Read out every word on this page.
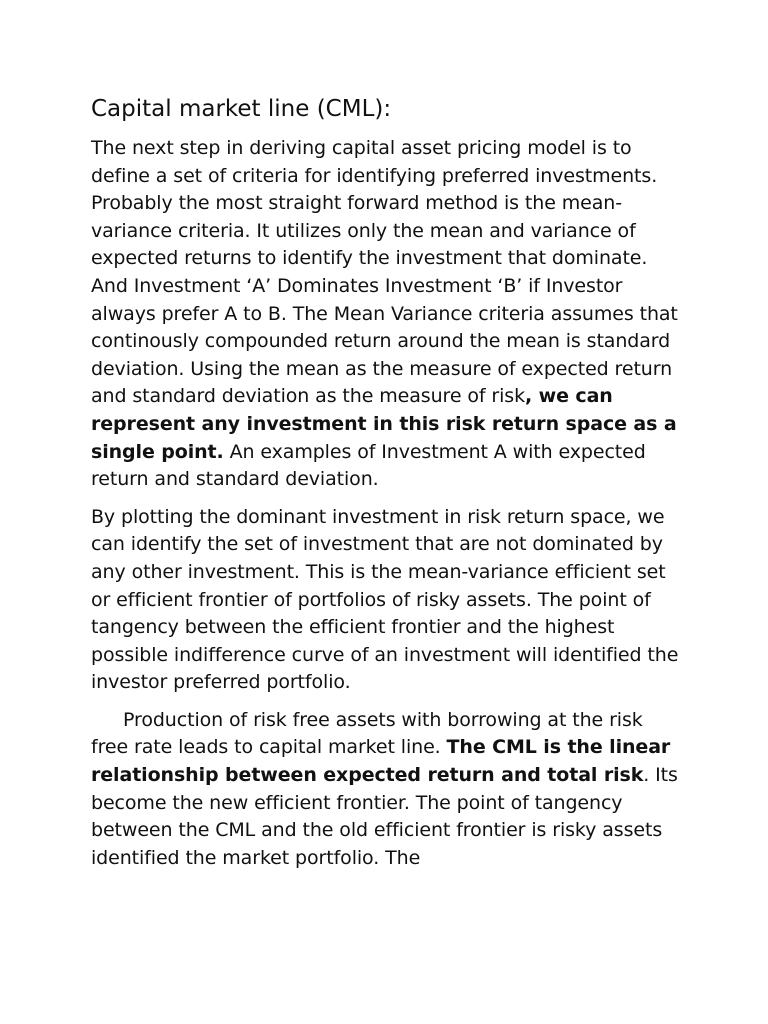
Capital market line (CML):

The next step in deriving capital asset pricing model is to define a set of criteria for identifying preferred investments. Probably the most straight forward method is the mean-variance criteria. It utilizes only the mean and variance of expected returns to identify the investment that dominate. And Investment ‘A’ Dominates Investment ‘B’ if Investor always prefer A to B. The Mean Variance criteria assumes that continously compounded return around the mean is standard deviation. Using the mean as the measure of expected return and standard deviation as the measure of risk, we can represent any investment in this risk return space as a single point. An examples of Investment A with expected return and standard deviation.

By plotting the dominant investment in risk return space, we can identify the set of investment that are not dominated by any other investment. This is the mean-variance efficient set or efficient frontier of portfolios of risky assets. The point of tangency between the efficient frontier and the highest possible indifference curve of an investment will identified the investor preferred portfolio.

Production of risk free assets with borrowing at the risk free rate leads to capital market line. The CML is the linear relationship between expected return and total risk. Its become the new efficient frontier. The point of tangency between the CML and the old efficient frontier is risky assets identified the market portfolio. The
